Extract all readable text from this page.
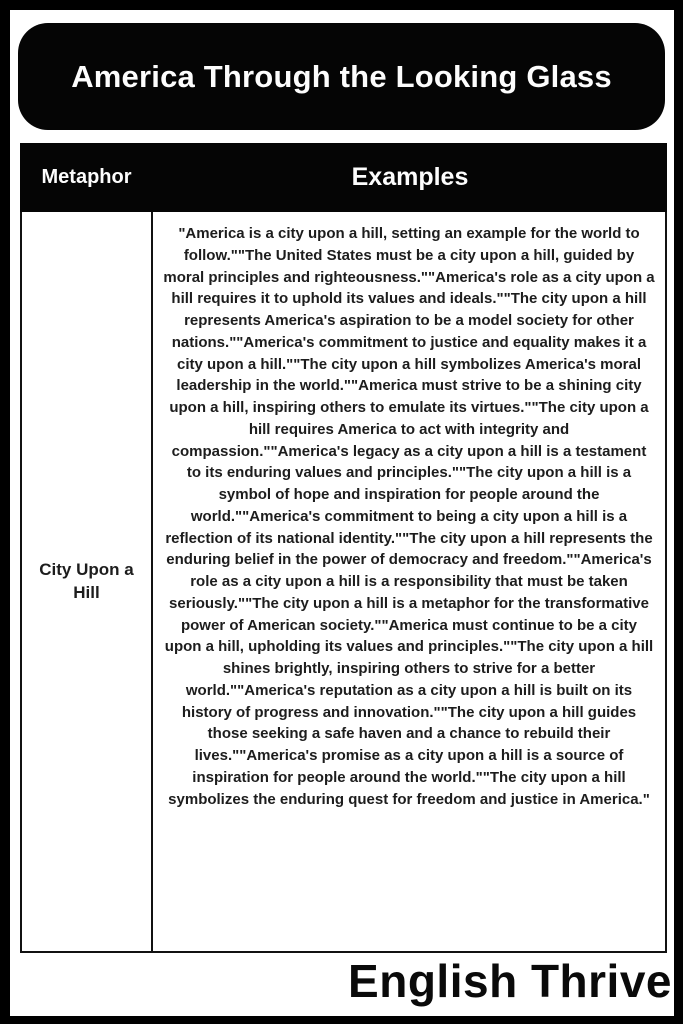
America Through the Looking Glass
Metaphor	Examples
City Upon a Hill
"America is a city upon a hill, setting an example for the world to follow.""The United States must be a city upon a hill, guided by moral principles and righteousness.""America's role as a city upon a hill requires it to uphold its values and ideals.""The city upon a hill represents America's aspiration to be a model society for other nations.""America's commitment to justice and equality makes it a city upon a hill.""The city upon a hill symbolizes America's moral leadership in the world.""America must strive to be a shining city upon a hill, inspiring others to emulate its virtues.""The city upon a hill requires America to act with integrity and compassion.""America's legacy as a city upon a hill is a testament to its enduring values and principles.""The city upon a hill is a symbol of hope and inspiration for people around the world.""America's commitment to being a city upon a hill is a reflection of its national identity.""The city upon a hill represents the enduring belief in the power of democracy and freedom.""America's role as a city upon a hill is a responsibility that must be taken seriously.""The city upon a hill is a metaphor for the transformative power of American society.""America must continue to be a city upon a hill, upholding its values and principles.""The city upon a hill shines brightly, inspiring others to strive for a better world.""America's reputation as a city upon a hill is built on its history of progress and innovation.""The city upon a hill guides those seeking a safe haven and a chance to rebuild their lives.""America's promise as a city upon a hill is a source of inspiration for people around the world.""The city upon a hill symbolizes the enduring quest for freedom and justice in America."
English Thrive
